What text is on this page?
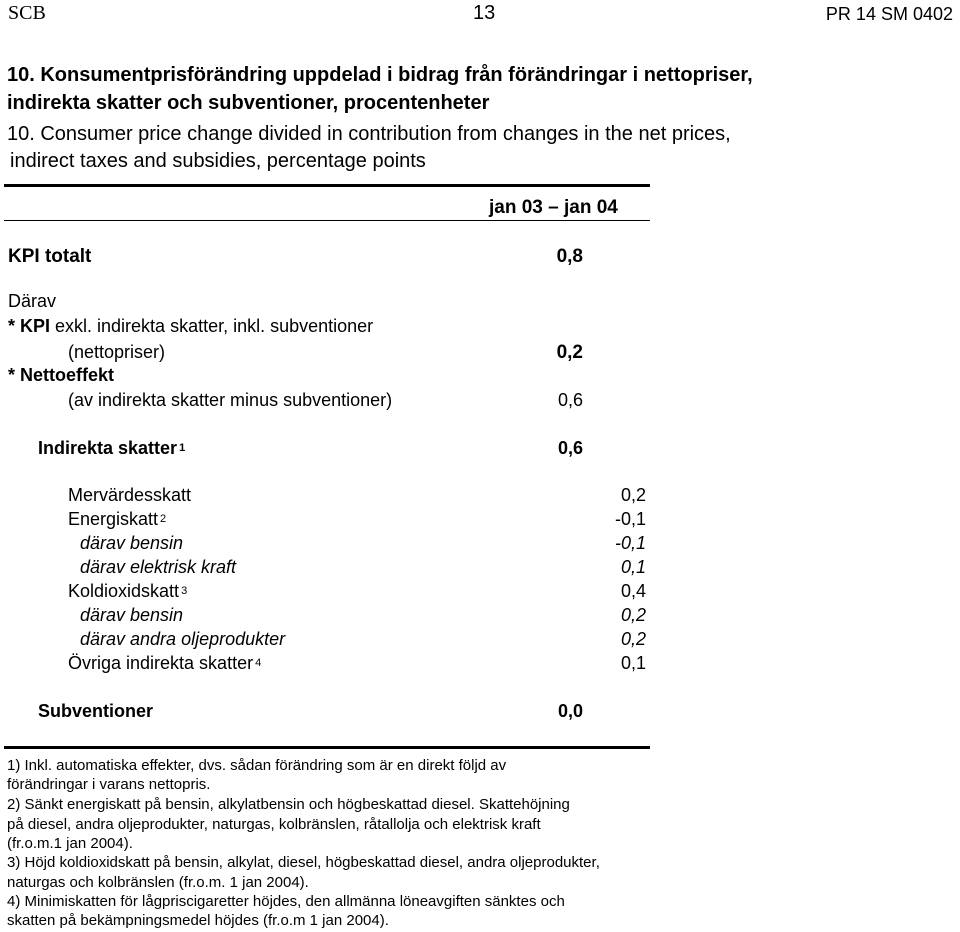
SCB	13	PR 14 SM 0402
10. Konsumentprisförändring uppdelad i bidrag från förändringar i nettopriser,
indirekta skatter och subventioner, procentenheter
10. Consumer price change divided in contribution from changes in the net prices,
indirect taxes and subsidies, percentage points
jan 03 – jan 04
KPI totalt	0,8
Därav
* KPI exkl. indirekta skatter, inkl. subventioner
(nettopriser)	0,2
* Nettoeffekt
(av indirekta skatter minus subventioner)	0,6
Indirekta skatter $^1$	0,6
Mervärdesskatt	0,2
Energiskatt $^2$	-0,1
därav bensin	-0,1
därav elektrisk kraft	0,1
Koldioxidskatt $^3$	0,4
därav bensin	0,2
därav andra oljeprodukter	0,2
Övriga indirekta skatter $^4$	0,1
Subventioner	0,0
1) Inkl. automatiska effekter, dvs. sådan förändring som är en direkt följd av
förändringar i varans nettopris.
2) Sänkt energiskatt på bensin, alkylatbensin och högbeskattad diesel. Skattehöjning
på diesel, andra oljeprodukter, naturgas, kolbränslen, råtallolja och elektrisk kraft
(fr.o.m.1 jan 2004).
3) Höjd koldioxidskatt på bensin, alkylat, diesel, högbeskattad diesel, andra oljeprodukter,
naturgas och kolbränslen (fr.o.m. 1 jan 2004).
4) Minimiskatten för lågpriscigaretter höjdes, den allmänna löneavgiften sänktes och
skatten på bekämpningsmedel höjdes (fr.o.m 1 jan 2004).
